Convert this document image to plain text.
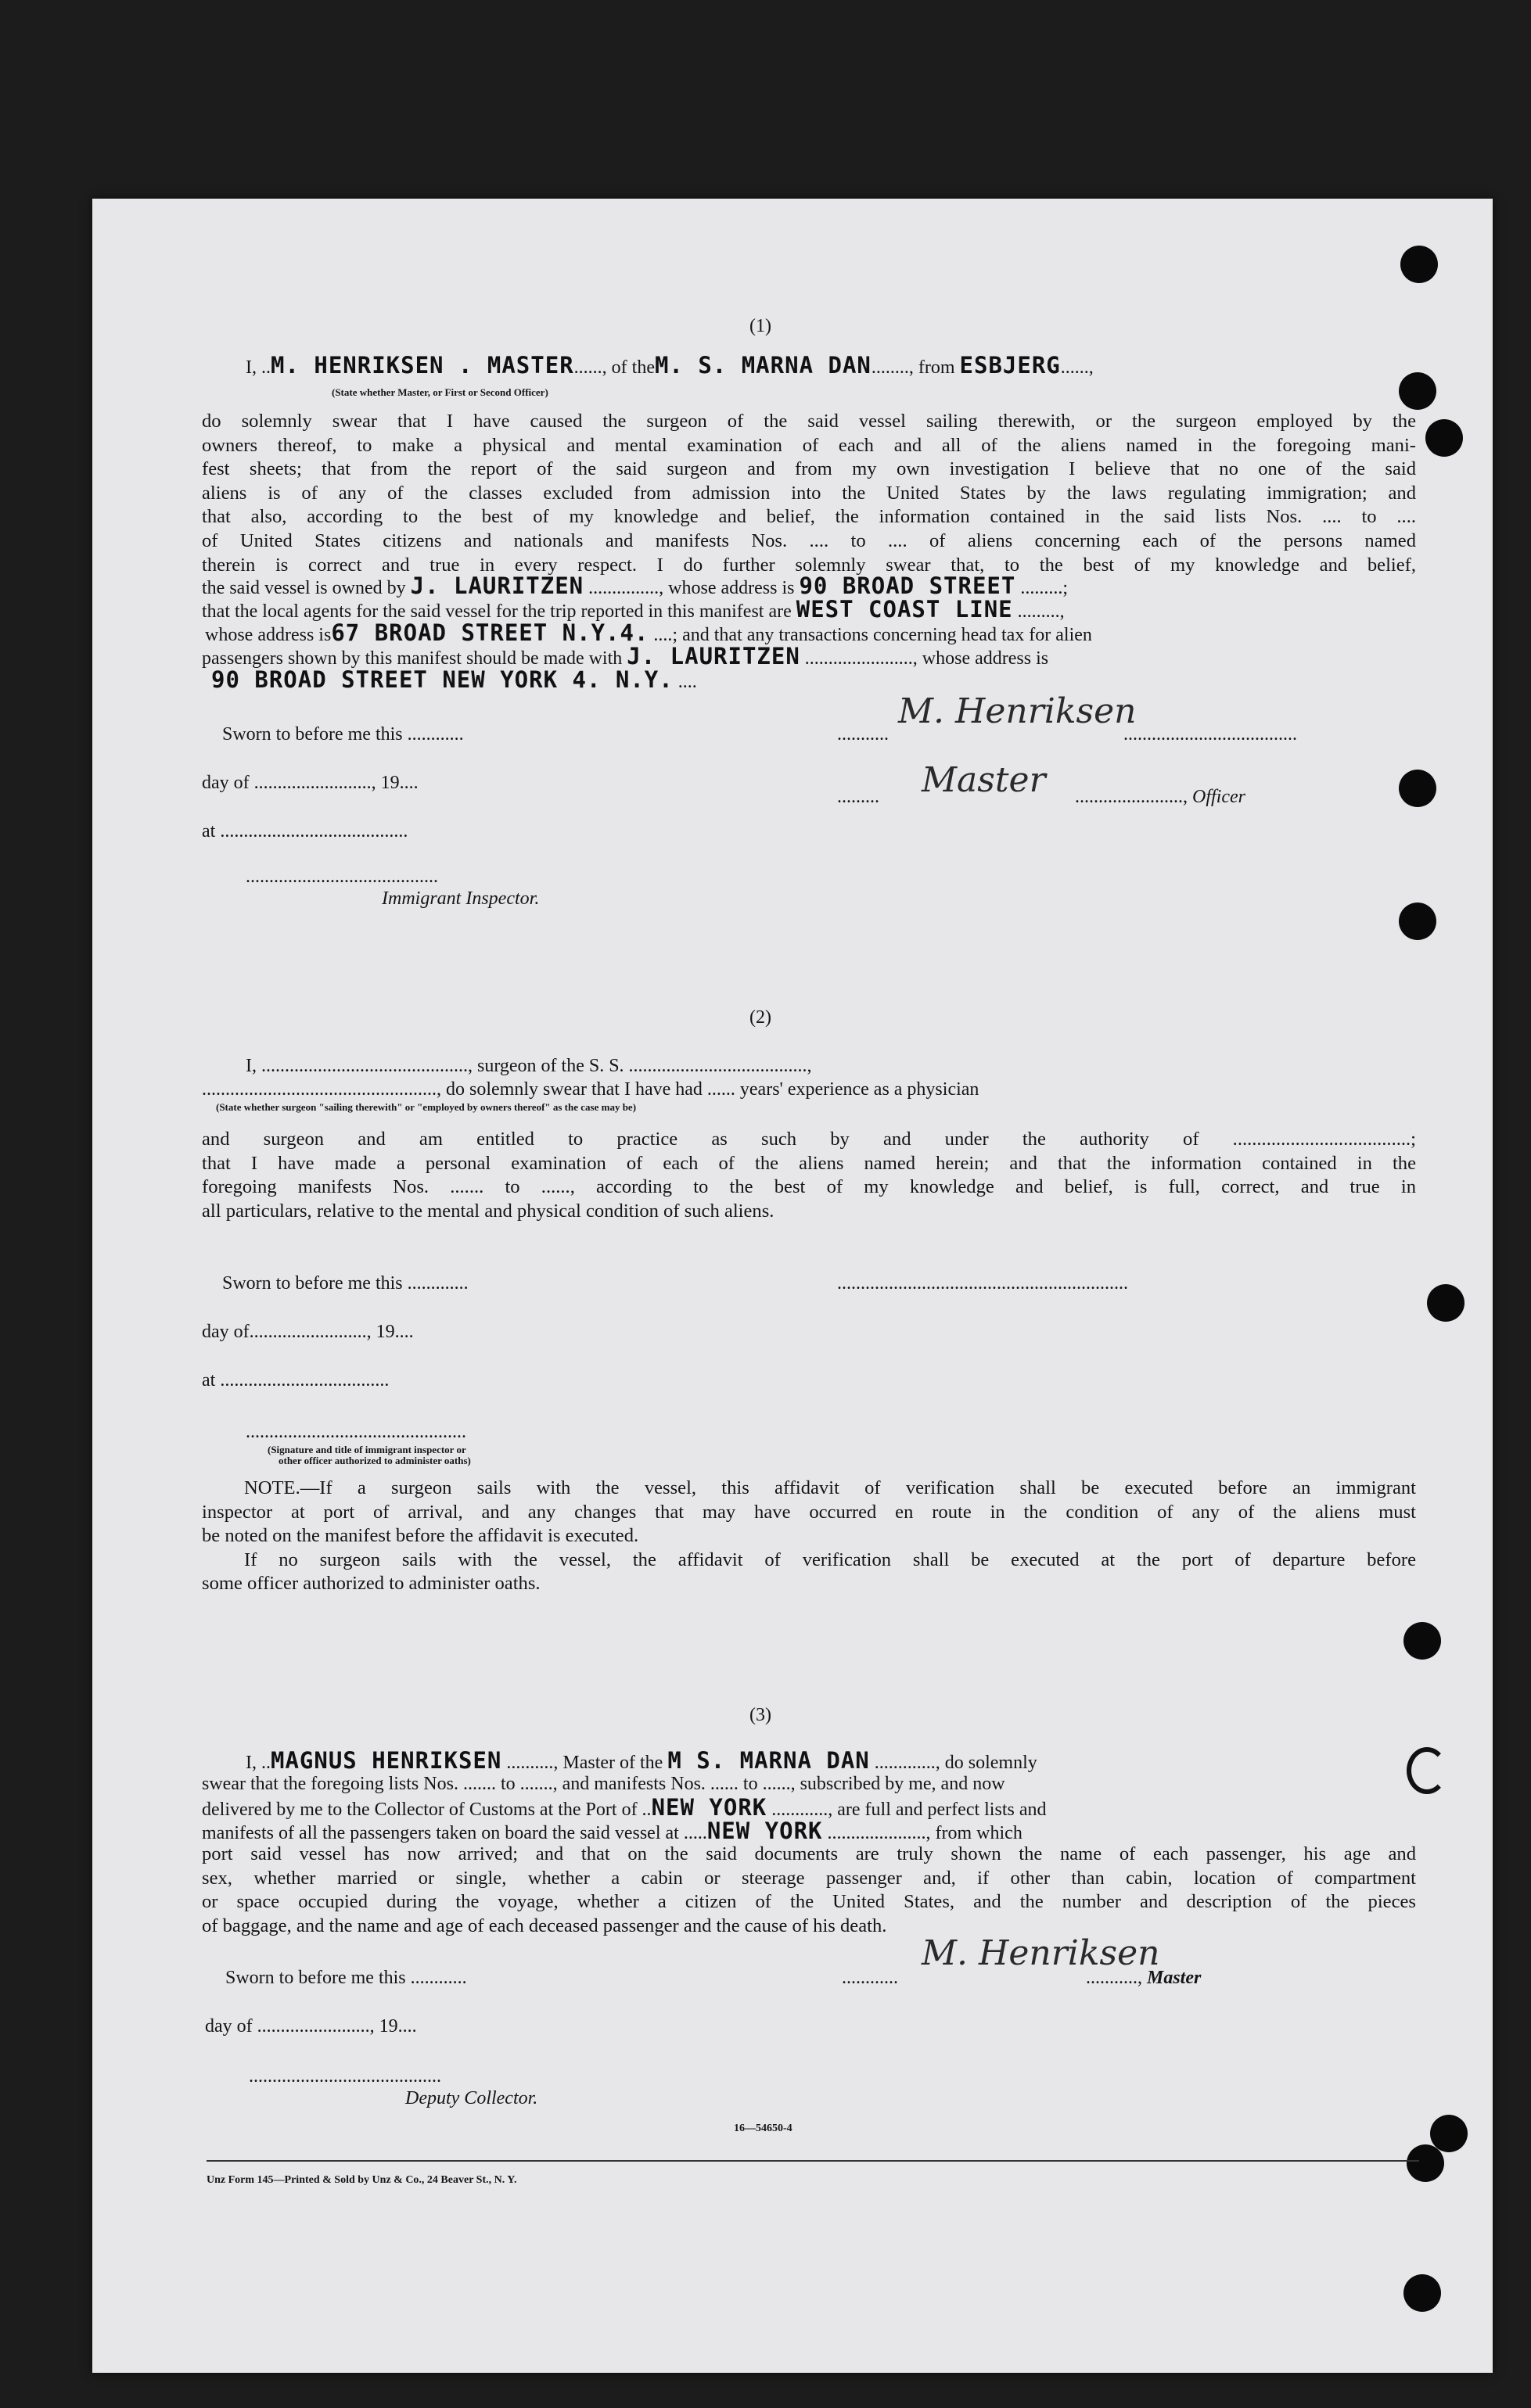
(1)
I, ..M. HENRIKSEN . MASTER......, of theM. S. MARNA DAN........, from ESBJERG......,
(State whether Master, or First or Second Officer)
do solemnly swear that I have caused the surgeon of the said vessel sailing therewith, or the surgeon employed by the
owners thereof, to make a physical and mental examination of each and all of the aliens named in the foregoing mani-
fest sheets; that from the report of the said surgeon and from my own investigation I believe that no one of the said
aliens is of any of the classes excluded from admission into the United States by the laws regulating immigration; and
that also, according to the best of my knowledge and belief, the information contained in the said lists Nos. .... to ....
of United States citizens and nationals and manifests Nos. .... to .... of aliens concerning each of the persons named
therein is correct and true in every respect. I do further solemnly swear that, to the best of my knowledge and belief,
the said vessel is owned by J. LAURITZEN ..............., whose address is 90 BROAD STREET .........;
that the local agents for the said vessel for the trip reported in this manifest are WEST COAST LINE .........,
whose address is67 BROAD STREET N.Y.4. ....; and that any transactions concerning head tax for alien
passengers shown by this manifest should be made with J. LAURITZEN ......................., whose address is
90 BROAD STREET NEW YORK 4. N.Y. ....
Sworn to before me this ............	...........	.....................................
M. Henriksen
day of ........................., 19....
.........	......................., Officer
Master
at ........................................
.........................................
Immigrant Inspector.
(2)
I, ............................................, surgeon of the S. S. ......................................,
.................................................., do solemnly swear that I have had ...... years' experience as a physician
(State whether surgeon "sailing therewith" or "employed by owners thereof" as the case may be)
and surgeon and am entitled to practice as such by and under the authority of .....................................;
that I have made a personal examination of each of the aliens named herein; and that the information contained in the
foregoing manifests Nos. ....... to ......, according to the best of my knowledge and belief, is full, correct, and true in
all particulars, relative to the mental and physical condition of such aliens.
Sworn to before me this .............	..............................................................
day of........................., 19....
at ....................................
...............................................
(Signature and title of immigrant inspector or
other officer authorized to administer oaths)
NOTE.—If a surgeon sails with the vessel, this affidavit of verification shall be executed before an immigrant
inspector at port of arrival, and any changes that may have occurred en route in the condition of any of the aliens must
be noted on the manifest before the affidavit is executed.
If no surgeon sails with the vessel, the affidavit of verification shall be executed at the port of departure before
some officer authorized to administer oaths.
(3)
I, ..MAGNUS HENRIKSEN .........., Master of the M S. MARNA DAN ............., do solemnly
swear that the foregoing lists Nos. ....... to ......., and manifests Nos. ...... to ......, subscribed by me, and now
delivered by me to the Collector of Customs at the Port of ..NEW YORK ............, are full and perfect lists and
manifests of all the passengers taken on board the said vessel at .....NEW YORK ....................., from which
port said vessel has now arrived; and that on the said documents are truly shown the name of each passenger, his age and
sex, whether married or single, whether a cabin or steerage passenger and, if other than cabin, location of compartment
or space occupied during the voyage, whether a citizen of the United States, and the number and description of the pieces
of baggage, and the name and age of each deceased passenger and the cause of his death.
Sworn to before me this ............	............	..........., Master
M. Henriksen
day of ........................, 19....
.........................................
Deputy Collector.
16—54650-4
Unz Form 145—Printed & Sold by Unz & Co., 24 Beaver St., N. Y.
